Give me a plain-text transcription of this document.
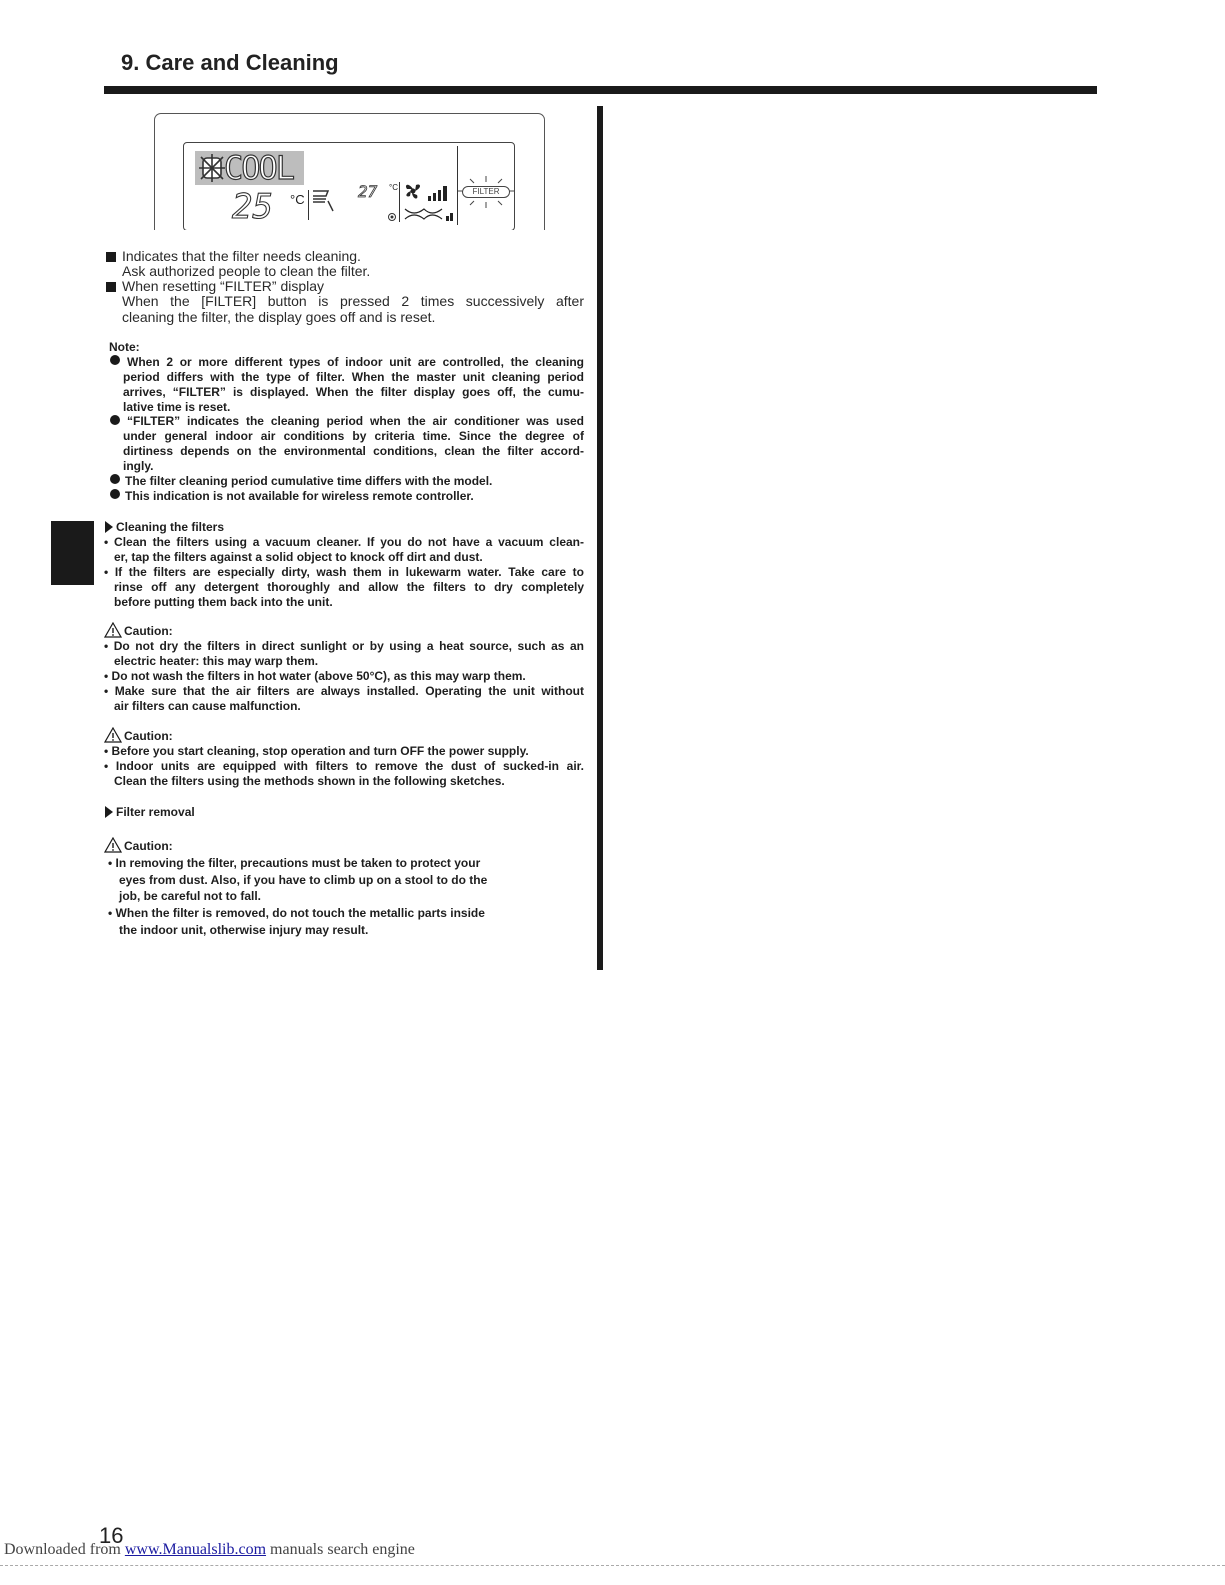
9. Care and Cleaning
COOL
25 °C	27 °C	FILTER
Indicates that the filter needs cleaning.
Ask authorized people to clean the filter.
When resetting “FILTER” display
When the [FILTER] button is pressed 2 times successively after
cleaning the filter, the display goes off and is reset.
Note:
When 2 or more different types of indoor unit are controlled, the cleaning
period differs with the type of filter. When the master unit cleaning period
arrives, “FILTER” is displayed. When the filter display goes off, the cumu-
lative time is reset.
“FILTER” indicates the cleaning period when the air conditioner was used
under general indoor air conditions by criteria time. Since the degree of
dirtiness depends on the environmental conditions, clean the filter accord-
ingly.
The filter cleaning period cumulative time differs with the model.
This indication is not available for wireless remote controller.
Cleaning the filters
• Clean the filters using a vacuum cleaner. If you do not have a vacuum clean-
er, tap the filters against a solid object to knock off dirt and dust.
• If the filters are especially dirty, wash them in lukewarm water. Take care to
rinse off any detergent thoroughly and allow the filters to dry completely
before putting them back into the unit.
Caution:
• Do not dry the filters in direct sunlight or by using a heat source, such as an
electric heater: this may warp them.
• Do not wash the filters in hot water (above 50°C), as this may warp them.
• Make sure that the air filters are always installed. Operating the unit without
air filters can cause malfunction.
Caution:
• Before you start cleaning, stop operation and turn OFF the power supply.
• Indoor units are equipped with filters to remove the dust of sucked-in air.
Clean the filters using the methods shown in the following sketches.
Filter removal
Caution:
• In removing the filter, precautions must be taken to protect your
eyes from dust. Also, if you have to climb up on a stool to do the
job, be careful not to fall.
• When the filter is removed, do not touch the metallic parts inside
the indoor unit, otherwise injury may result.
16
Downloaded from www.Manualslib.com manuals search engine
